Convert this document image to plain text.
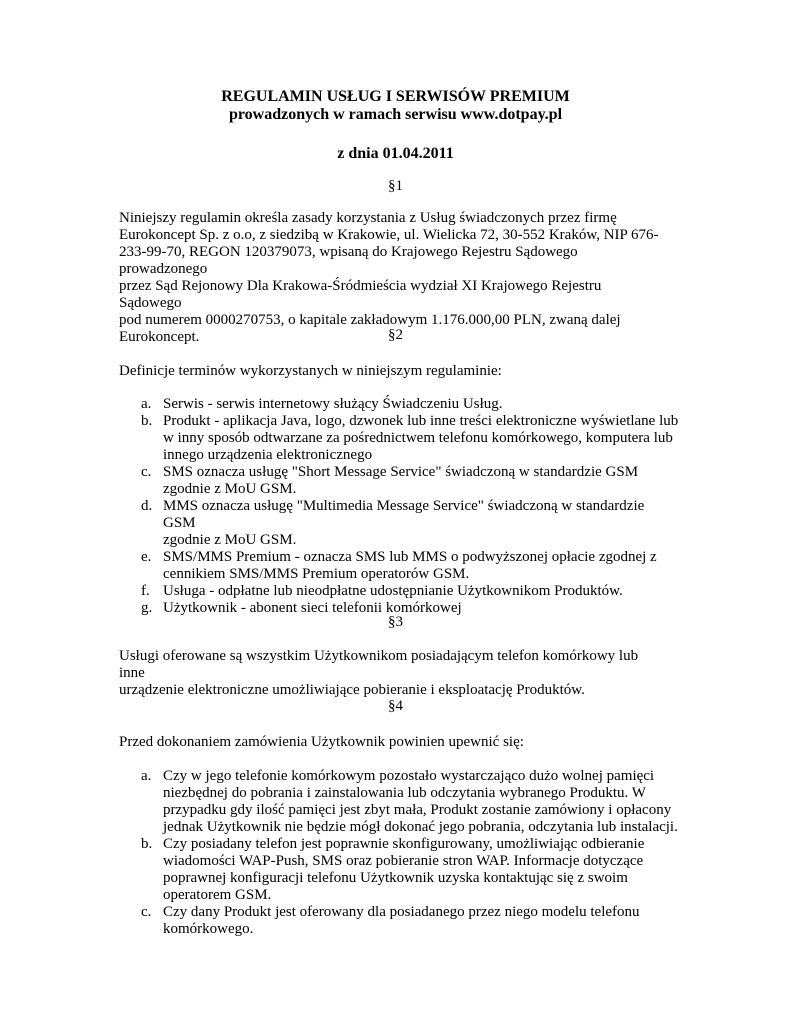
REGULAMIN USŁUG I SERWISÓW PREMIUM
prowadzonych w ramach serwisu www.dotpay.pl
z dnia 01.04.2011
§1
Niniejszy regulamin określa zasady korzystania z Usług świadczonych przez firmę
Eurokoncept Sp. z o.o, z siedzibą w Krakowie, ul. Wielicka 72, 30-552 Kraków, NIP 676-
233-99-70, REGON 120379073, wpisaną do Krajowego Rejestru Sądowego prowadzonego
przez Sąd Rejonowy Dla Krakowa-Śródmieścia wydział XI Krajowego Rejestru Sądowego
pod numerem 0000270753, o kapitale zakładowym 1.176.000,00 PLN, zwaną dalej
Eurokoncept.	§2
Definicje terminów wykorzystanych w niniejszym regulaminie:
a. Serwis - serwis internetowy służący Świadczeniu Usług.
b. Produkt - aplikacja Java, logo, dzwonek lub inne treści elektroniczne wyświetlane lub
w inny sposób odtwarzane za pośrednictwem telefonu komórkowego, komputera lub
innego urządzenia elektronicznego
c. SMS oznacza usługę "Short Message Service" świadczoną w standardzie GSM
zgodnie z MoU GSM.
d. MMS oznacza usługę "Multimedia Message Service" świadczoną w standardzie GSM
zgodnie z MoU GSM.
e. SMS/MMS Premium - oznacza SMS lub MMS o podwyższonej opłacie zgodnej z
cennikiem SMS/MMS Premium operatorów GSM.
f. Usługa - odpłatne lub nieodpłatne udostępnianie Użytkownikom Produktów.
g. Użytkownik - abonent sieci telefonii komórkowej
§3
Usługi oferowane są wszystkim Użytkownikom posiadającym telefon komórkowy lub inne
urządzenie elektroniczne umożliwiające pobieranie i eksploatację Produktów.
§4
Przed dokonaniem zamówienia Użytkownik powinien upewnić się:
a. Czy w jego telefonie komórkowym pozostało wystarczająco dużo wolnej pamięci
niezbędnej do pobrania i zainstalowania lub odczytania wybranego Produktu. W
przypadku gdy ilość pamięci jest zbyt mała, Produkt zostanie zamówiony i opłacony
jednak Użytkownik nie będzie mógł dokonać jego pobrania, odczytania lub instalacji.
b. Czy posiadany telefon jest poprawnie skonfigurowany, umożliwiając odbieranie
wiadomości WAP-Push, SMS oraz pobieranie stron WAP. Informacje dotyczące
poprawnej konfiguracji telefonu Użytkownik uzyska kontaktując się z swoim
operatorem GSM.
c. Czy dany Produkt jest oferowany dla posiadanego przez niego modelu telefonu
komórkowego.
